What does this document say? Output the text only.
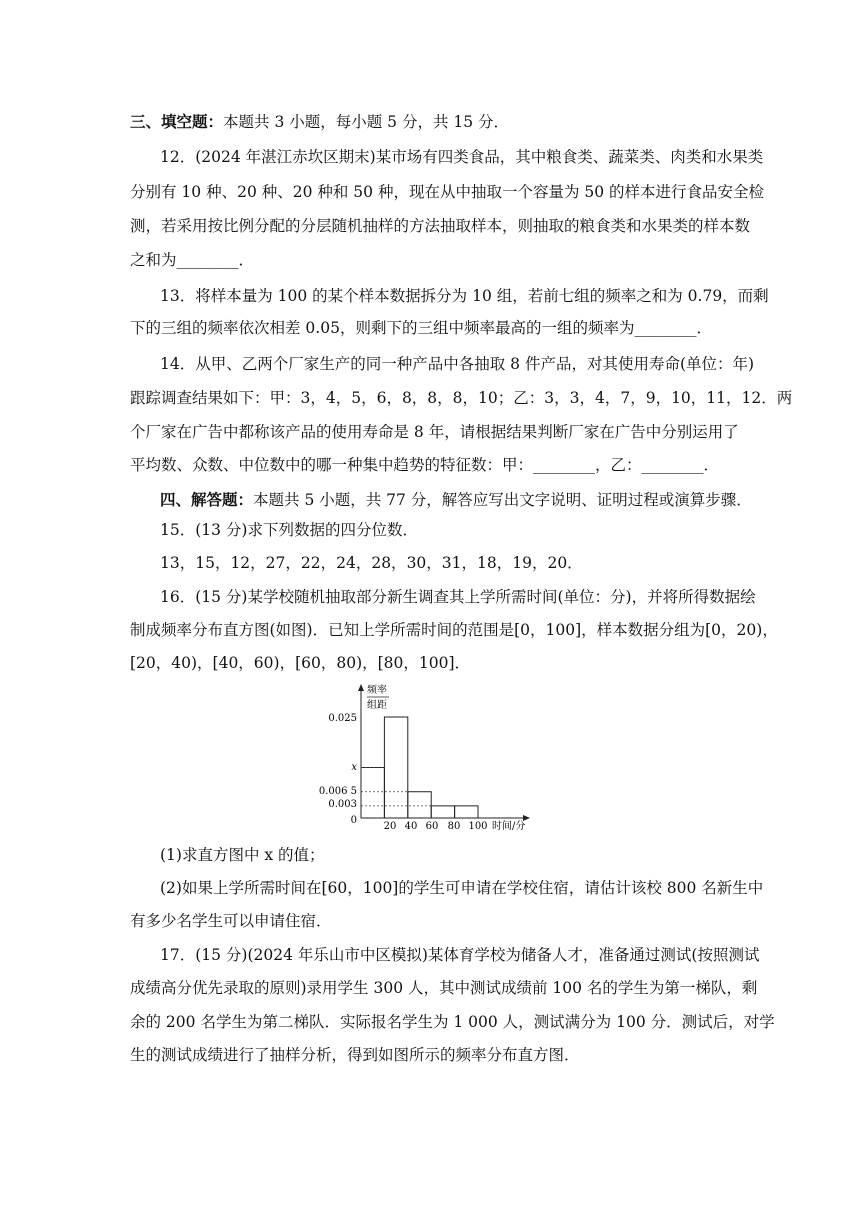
三、填空题：本题共 3 小题，每小题 5 分，共 15 分．
12．(2024 年湛江赤坎区期末)某市场有四类食品，其中粮食类、蔬菜类、肉类和水果类
分别有 10 种、20 种、20 种和 50 种，现在从中抽取一个容量为 50 的样本进行食品安全检
测，若采用按比例分配的分层随机抽样的方法抽取样本，则抽取的粮食类和水果类的样本数
之和为________．
13．将样本量为 100 的某个样本数据拆分为 10 组，若前七组的频率之和为 0.79，而剩
下的三组的频率依次相差 0.05，则剩下的三组中频率最高的一组的频率为________．
14．从甲、乙两个厂家生产的同一种产品中各抽取 8 件产品，对其使用寿命(单位：年)
跟踪调查结果如下：甲：3，4，5，6，8，8，8，10；乙：3，3，4，7，9，10，11，12．两
个厂家在广告中都称该产品的使用寿命是 8 年，请根据结果判断厂家在广告中分别运用了
平均数、众数、中位数中的哪一种集中趋势的特征数：甲：________，乙：________．
四、解答题：本题共 5 小题，共 77 分，解答应写出文字说明、证明过程或演算步骤．
15．(13 分)求下列数据的四分位数．
13，15，12，27，22，24，28，30，31，18，19，20．
16．(15 分)某学校随机抽取部分新生调查其上学所需时间(单位：分)，并将所得数据绘
制成频率分布直方图(如图)．已知上学所需时间的范围是[0，100]，样本数据分组为[0，20)，
[20，40)，[40，60)，[60，80)，[80，100]．
频率
组距
0.025
x
0.006 5
0.003
0
20 40 60 80 100 时间/分
(1)求直方图中 x 的值；
(2)如果上学所需时间在[60，100]的学生可申请在学校住宿，请估计该校 800 名新生中
有多少名学生可以申请住宿．
17．(15 分)(2024 年乐山市中区模拟)某体育学校为储备人才，准备通过测试(按照测试
成绩高分优先录取的原则)录用学生 300 人，其中测试成绩前 100 名的学生为第一梯队，剩
余的 200 名学生为第二梯队．实际报名学生为 1 000 人，测试满分为 100 分．测试后，对学
生的测试成绩进行了抽样分析，得到如图所示的频率分布直方图．
